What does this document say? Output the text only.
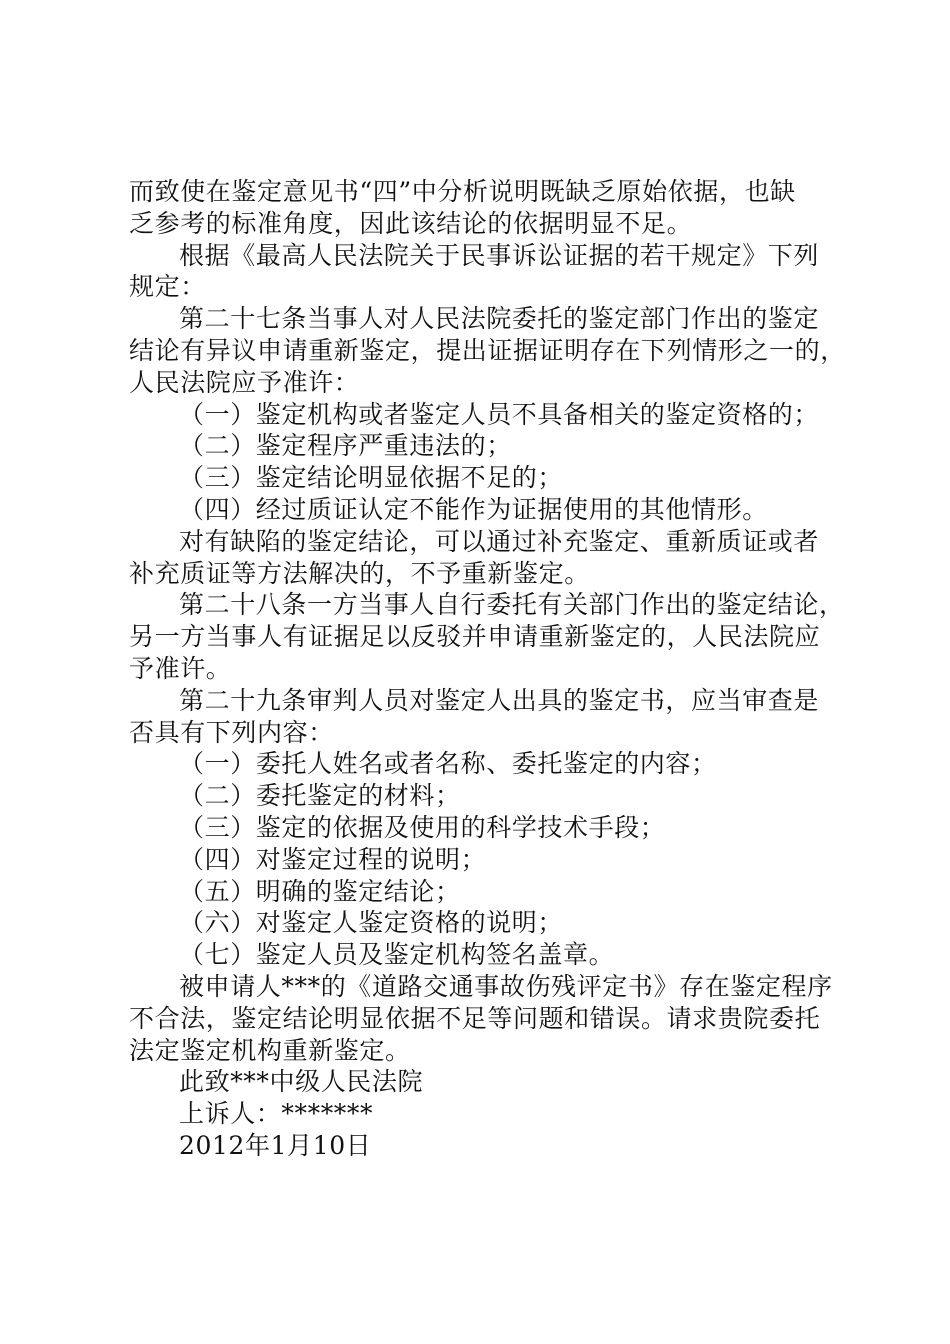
而致使在鉴定意见书“四”中分析说明既缺乏原始依据，也缺
乏参考的标准角度，因此该结论的依据明显不足。
根据《最高人民法院关于民事诉讼证据的若干规定》下列
规定：
第二十七条当事人对人民法院委托的鉴定部门作出的鉴定
结论有异议申请重新鉴定，提出证据证明存在下列情形之一的，
人民法院应予准许：
（一）鉴定机构或者鉴定人员不具备相关的鉴定资格的；
（二）鉴定程序严重违法的；
（三）鉴定结论明显依据不足的；
（四）经过质证认定不能作为证据使用的其他情形。
对有缺陷的鉴定结论，可以通过补充鉴定、重新质证或者
补充质证等方法解决的，不予重新鉴定。
第二十八条一方当事人自行委托有关部门作出的鉴定结论，
另一方当事人有证据足以反驳并申请重新鉴定的，人民法院应
予准许。
第二十九条审判人员对鉴定人出具的鉴定书，应当审查是
否具有下列内容：
（一）委托人姓名或者名称、委托鉴定的内容；
（二）委托鉴定的材料；
（三）鉴定的依据及使用的科学技术手段；
（四）对鉴定过程的说明；
（五）明确的鉴定结论；
（六）对鉴定人鉴定资格的说明；
（七）鉴定人员及鉴定机构签名盖章。
被申请人***的《道路交通事故伤残评定书》存在鉴定程序
不合法，鉴定结论明显依据不足等问题和错误。请求贵院委托
法定鉴定机构重新鉴定。
此致***中级人民法院
上诉人：*******
2012年1月10日
